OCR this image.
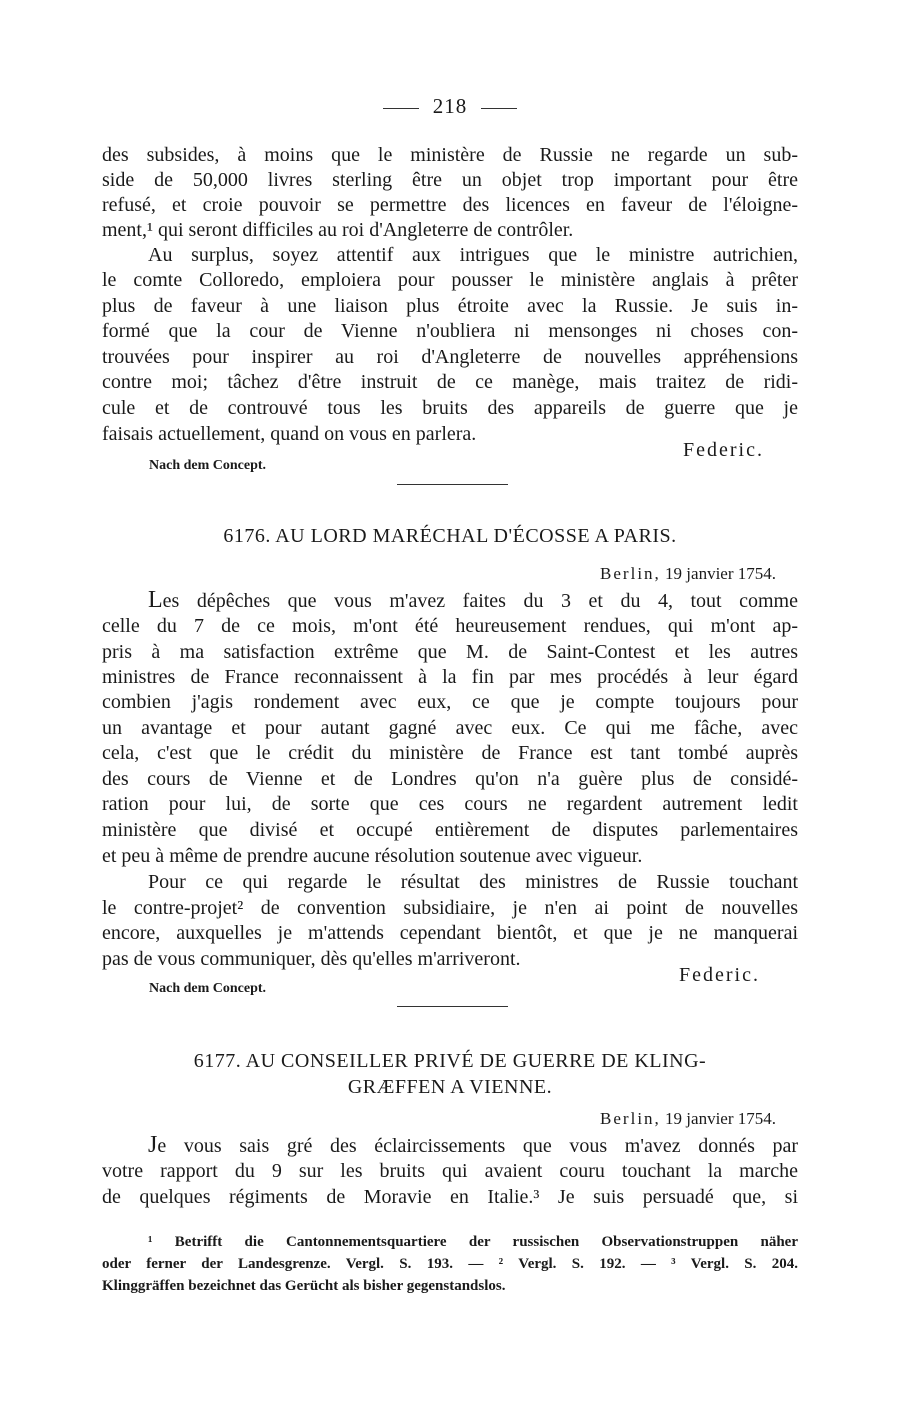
218
des subsides, à moins que le ministère de Russie ne regarde un sub-
side de 50,000 livres sterling être un objet trop important pour être
refusé, et croie pouvoir se permettre des licences en faveur de l'éloigne-
ment,¹ qui seront difficiles au roi d'Angleterre de contrôler.
Au surplus, soyez attentif aux intrigues que le ministre autrichien,
le comte Colloredo, emploiera pour pousser le ministère anglais à prêter
plus de faveur à une liaison plus étroite avec la Russie. Je suis in-
formé que la cour de Vienne n'oubliera ni mensonges ni choses con-
trouvées pour inspirer au roi d'Angleterre de nouvelles appréhensions
contre moi; tâchez d'être instruit de ce manège, mais traitez de ridi-
cule et de controuvé tous les bruits des appareils de guerre que je
faisais actuellement, quand on vous en parlera.
Federic.
Nach dem Concept.
6176. AU LORD MARÉCHAL D'ÉCOSSE A PARIS.
Berlin, 19 janvier 1754.
Les dépêches que vous m'avez faites du 3 et du 4, tout comme
celle du 7 de ce mois, m'ont été heureusement rendues, qui m'ont ap-
pris à ma satisfaction extrême que M. de Saint-Contest et les autres
ministres de France reconnaissent à la fin par mes procédés à leur égard
combien j'agis rondement avec eux, ce que je compte toujours pour
un avantage et pour autant gagné avec eux. Ce qui me fâche, avec
cela, c'est que le crédit du ministère de France est tant tombé auprès
des cours de Vienne et de Londres qu'on n'a guère plus de considé-
ration pour lui, de sorte que ces cours ne regardent autrement ledit
ministère que divisé et occupé entièrement de disputes parlementaires
et peu à même de prendre aucune résolution soutenue avec vigueur.
Pour ce qui regarde le résultat des ministres de Russie touchant
le contre-projet² de convention subsidiaire, je n'en ai point de nouvelles
encore, auxquelles je m'attends cependant bientôt, et que je ne manquerai
pas de vous communiquer, dès qu'elles m'arriveront.
Federic.
Nach dem Concept.
6177. AU CONSEILLER PRIVÉ DE GUERRE DE KLING-
GRÆFFEN A VIENNE.
Berlin, 19 janvier 1754.
Je vous sais gré des éclaircissements que vous m'avez donnés par
votre rapport du 9 sur les bruits qui avaient couru touchant la marche
de quelques régiments de Moravie en Italie.³ Je suis persuadé que, si
¹ Betrifft die Cantonnementsquartiere der russischen Observationstruppen näher
oder ferner der Landesgrenze. Vergl. S. 193. — ² Vergl. S. 192. — ³ Vergl. S. 204.
Klinggräffen bezeichnet das Gerücht als bisher gegenstandslos.
